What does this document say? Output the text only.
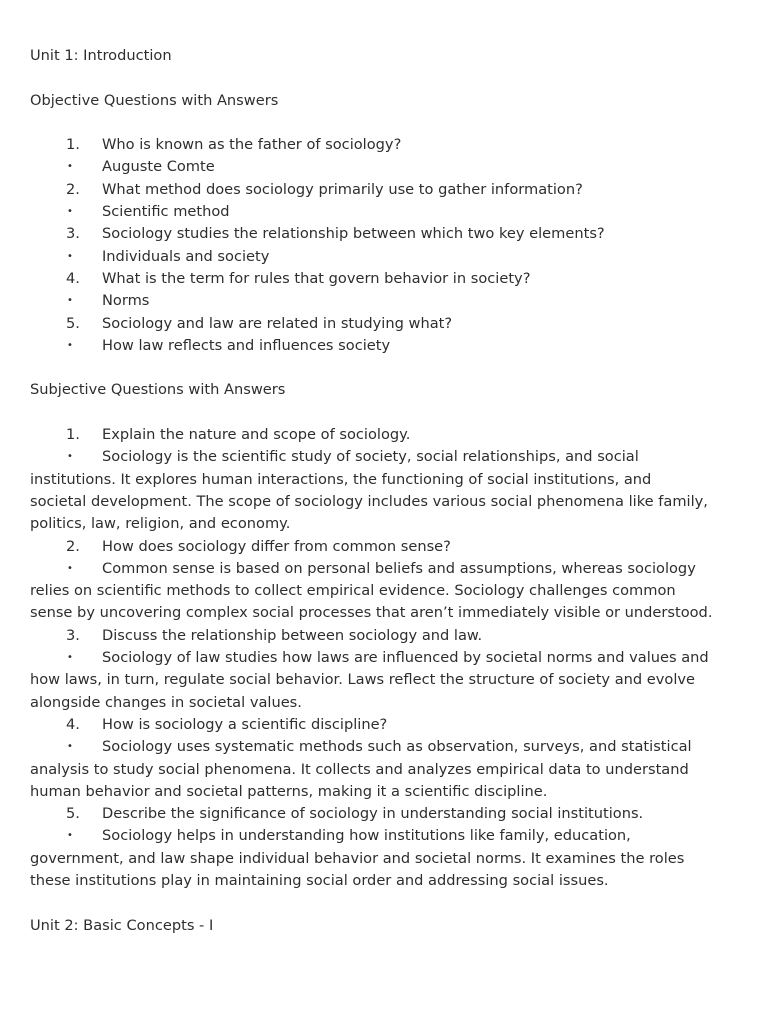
Unit 1: Introduction
Objective Questions with Answers
1.	Who is known as the father of sociology?
•	Auguste Comte
2.	What method does sociology primarily use to gather information?
•	Scientific method
3.	Sociology studies the relationship between which two key elements?
•	Individuals and society
4.	What is the term for rules that govern behavior in society?
•	Norms
5.	Sociology and law are related in studying what?
•	How law reflects and influences society
Subjective Questions with Answers
1.	Explain the nature and scope of sociology.
•	Sociology is the scientific study of society, social relationships, and social
institutions. It explores human interactions, the functioning of social institutions, and
societal development. The scope of sociology includes various social phenomena like family,
politics, law, religion, and economy.
2.	How does sociology differ from common sense?
•	Common sense is based on personal beliefs and assumptions, whereas sociology
relies on scientific methods to collect empirical evidence. Sociology challenges common
sense by uncovering complex social processes that aren’t immediately visible or understood.
3.	Discuss the relationship between sociology and law.
•	Sociology of law studies how laws are influenced by societal norms and values and
how laws, in turn, regulate social behavior. Laws reflect the structure of society and evolve
alongside changes in societal values.
4.	How is sociology a scientific discipline?
•	Sociology uses systematic methods such as observation, surveys, and statistical
analysis to study social phenomena. It collects and analyzes empirical data to understand
human behavior and societal patterns, making it a scientific discipline.
5.	Describe the significance of sociology in understanding social institutions.
•	Sociology helps in understanding how institutions like family, education,
government, and law shape individual behavior and societal norms. It examines the roles
these institutions play in maintaining social order and addressing social issues.
Unit 2: Basic Concepts - I
